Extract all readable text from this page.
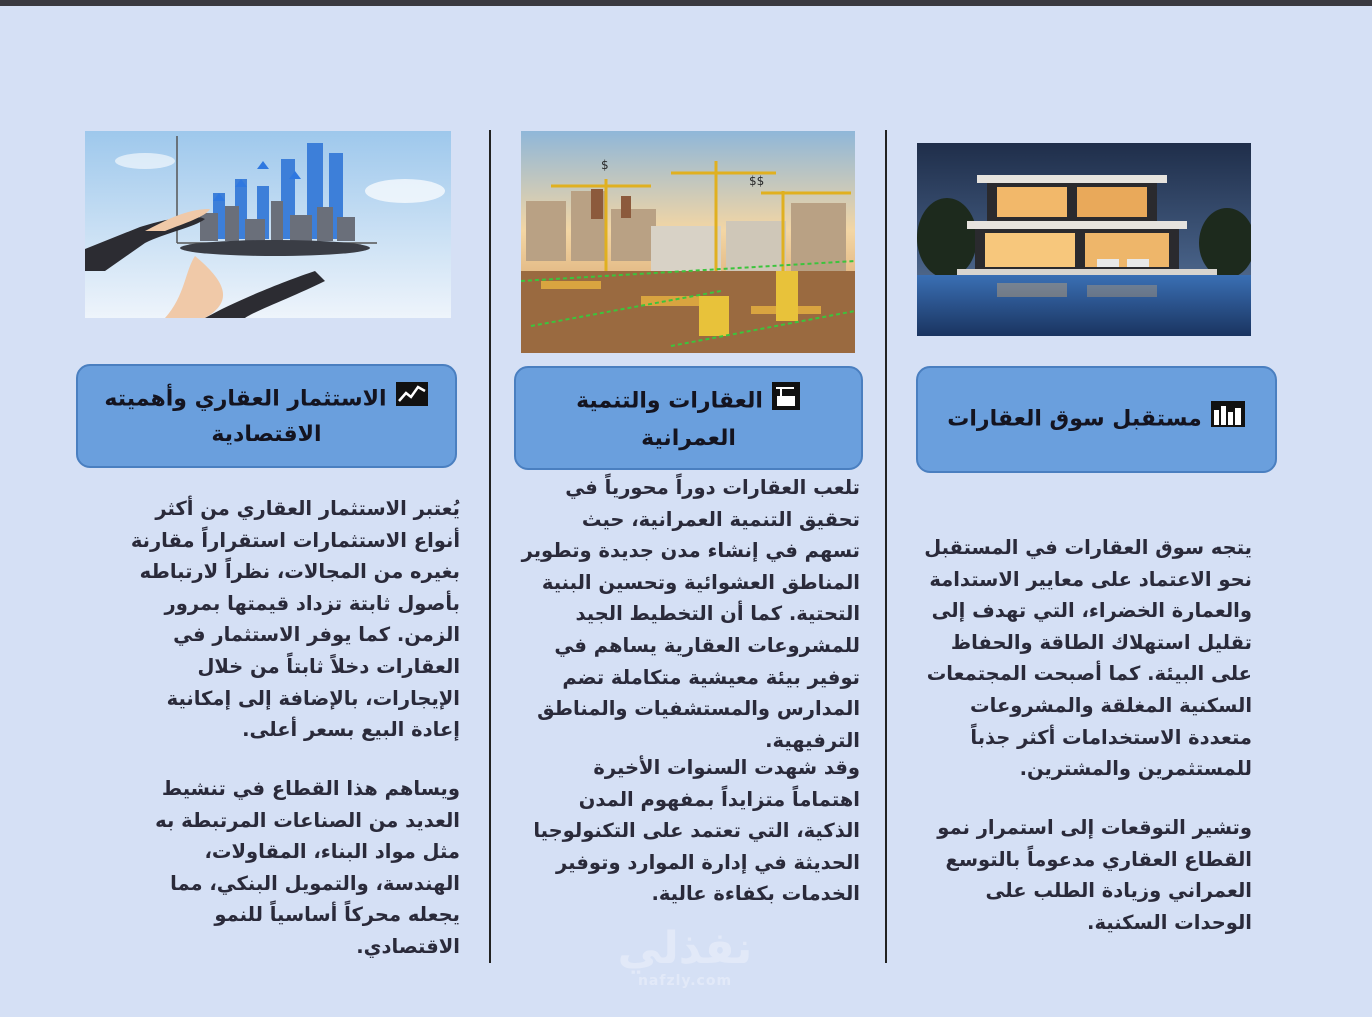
الاستثمار العقاري وأهميته الاقتصادية

يُعتبر الاستثمار العقاري من أكثر أنواع الاستثمارات استقراراً مقارنة بغيره من المجالات، نظراً لارتباطه بأصول ثابتة تزداد قيمتها بمرور الزمن. كما يوفر الاستثمار في العقارات دخلاً ثابتاً من خلال الإيجارات، بالإضافة إلى إمكانية إعادة البيع بسعر أعلى.

ويساهم هذا القطاع في تنشيط العديد من الصناعات المرتبطة به مثل مواد البناء، المقاولات، الهندسة، والتمويل البنكي، مما يجعله محركاً أساسياً للنمو الاقتصادي.

$
$$
العقارات والتنمية العمرانية

تلعب العقارات دوراً محورياً في تحقيق التنمية العمرانية، حيث تسهم في إنشاء مدن جديدة وتطوير المناطق العشوائية وتحسين البنية التحتية. كما أن التخطيط الجيد للمشروعات العقارية يساهم في توفير بيئة معيشية متكاملة تضم المدارس والمستشفيات والمناطق الترفيهية.

وقد شهدت السنوات الأخيرة اهتماماً متزايداً بمفهوم المدن الذكية، التي تعتمد على التكنولوجيا الحديثة في إدارة الموارد وتوفير الخدمات بكفاءة عالية.

مستقبل سوق العقارات

يتجه سوق العقارات في المستقبل نحو الاعتماد على معايير الاستدامة والعمارة الخضراء، التي تهدف إلى تقليل استهلاك الطاقة والحفاظ على البيئة. كما أصبحت المجتمعات السكنية المغلقة والمشروعات متعددة الاستخدامات أكثر جذباً للمستثمرين والمشترين.

وتشير التوقعات إلى استمرار نمو القطاع العقاري مدعوماً بالتوسع العمراني وزيادة الطلب على الوحدات السكنية.

نفذلي
nafzly.com
